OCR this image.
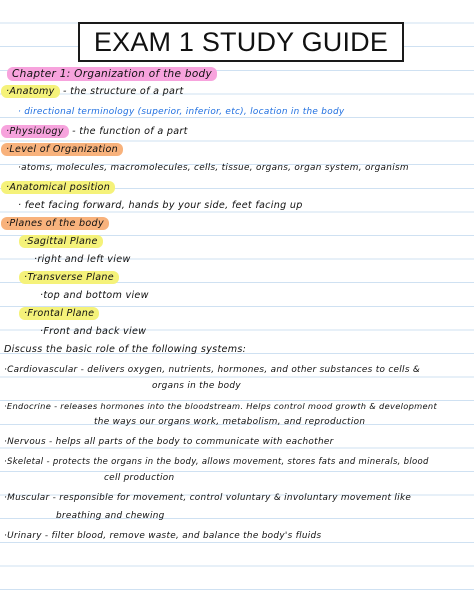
EXAM 1 STUDY GUIDE
Chapter 1: Organization of the body
·Anatomy - the structure of a part
· directional terminology (superior, inferior, etc), location in the body
·Physiology - the function of a part
·Level of Organization
·atoms, molecules, macromolecules, cells, tissue, organs, organ system, organism
·Anatomical position
· feet facing forward, hands by your side, feet facing up
·Planes of the body
·Sagittal Plane
·right and left view
·Transverse Plane
·top and bottom view
·Frontal Plane
·Front and back view
Discuss the basic role of the following systems:
·Cardiovascular - delivers oxygen, nutrients, hormones, and other substances to cells &
organs in the body
·Endocrine - releases hormones into the bloodstream. Helps control mood growth & development
the ways our organs work, metabolism, and reproduction
·Nervous - helps all parts of the body to communicate with eachother
·Skeletal - protects the organs in the body, allows movement, stores fats and minerals, blood
cell production
·Muscular - responsible for movement, control voluntary & involuntary movement like
breathing and chewing
·Urinary - filter blood, remove waste, and balance the body's fluids
